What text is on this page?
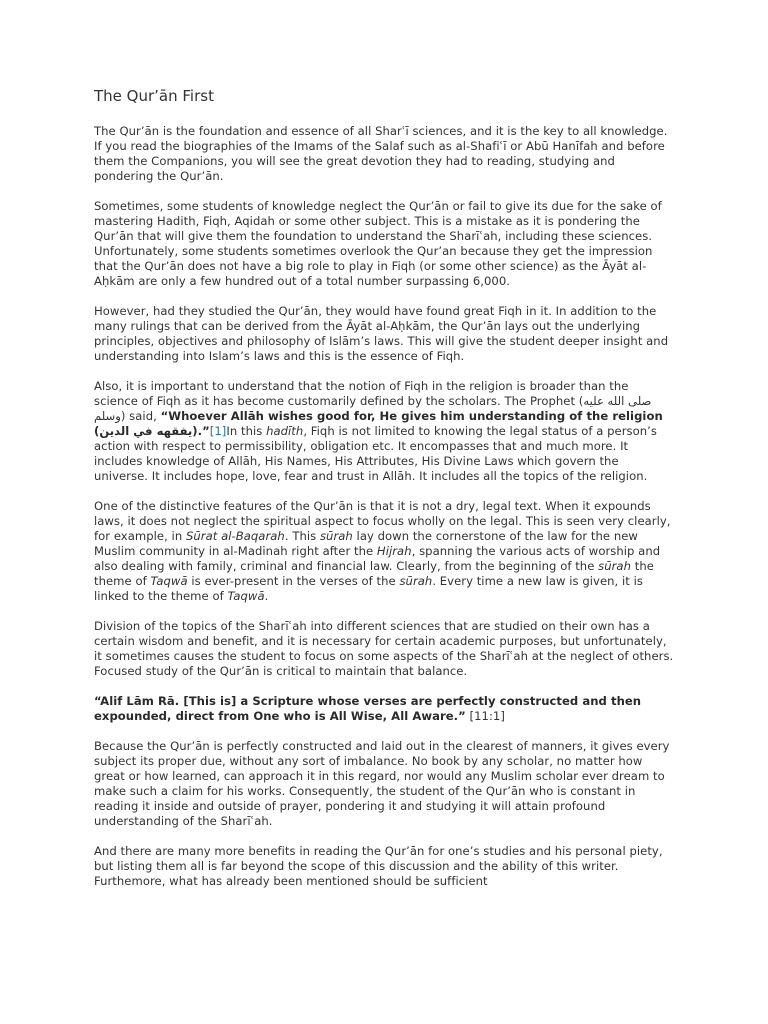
The Qur’ān First

The Qur’ān is the foundation and essence of all Sharʿī sciences, and it is the key to all knowledge. If you read the biographies of the Imams of the Salaf such as al-Shafiʿī or Abū Hanīfah and before them the Companions, you will see the great devotion they had to reading, studying and pondering the Qur’ān.

Sometimes, some students of knowledge neglect the Qur’ān or fail to give its due for the sake of mastering Hadith, Fiqh, Aqidah or some other subject. This is a mistake as it is pondering the Qur’ān that will give them the foundation to understand the Sharīʿah, including these sciences. Unfortunately, some students sometimes overlook the Qur’an because they get the impression that the Qur’ān does not have a big role to play in Fiqh (or some other science) as the Āyāt al-Aḥkām are only a few hundred out of a total number surpassing 6,000.

However, had they studied the Qur’ān, they would have found great Fiqh in it. In addition to the many rulings that can be derived from the Āyāt al-Aḥkām, the Qur’ān lays out the underlying principles, objectives and philosophy of Islām’s laws. This will give the student deeper insight and understanding into Islam’s laws and this is the essence of Fiqh.

Also, it is important to understand that the notion of Fiqh in the religion is broader than the science of Fiqh as it has become customarily defined by the scholars. The Prophet (صلى الله عليه وسلم) said, “Whoever Allāh wishes good for, He gives him understanding of the religion (يفقهه في الدين).”[1]In this hadīth, Fiqh is not limited to knowing the legal status of a person’s action with respect to permissibility, obligation etc. It encompasses that and much more. It includes knowledge of Allāh, His Names, His Attributes, His Divine Laws which govern the universe. It includes hope, love, fear and trust in Allāh. It includes all the topics of the religion.

One of the distinctive features of the Qur’ān is that it is not a dry, legal text. When it expounds laws, it does not neglect the spiritual aspect to focus wholly on the legal. This is seen very clearly, for example, in Sūrat al-Baqarah. This sūrah lay down the cornerstone of the law for the new Muslim community in al-Madinah right after the Hijrah, spanning the various acts of worship and also dealing with family, criminal and financial law. Clearly, from the beginning of the sūrah the theme of Taqwā is ever-present in the verses of the sūrah. Every time a new law is given, it is linked to the theme of Taqwā.

Division of the topics of the Sharīʿah into different sciences that are studied on their own has a certain wisdom and benefit, and it is necessary for certain academic purposes, but unfortunately, it sometimes causes the student to focus on some aspects of the Sharīʿah at the neglect of others. Focused study of the Qur’ān is critical to maintain that balance.

“Alif Lām Rā. [This is] a Scripture whose verses are perfectly constructed and then expounded, direct from One who is All Wise, All Aware.” [11:1]

Because the Qur’ān is perfectly constructed and laid out in the clearest of manners, it gives every subject its proper due, without any sort of imbalance. No book by any scholar, no matter how great or how learned, can approach it in this regard, nor would any Muslim scholar ever dream to make such a claim for his works. Consequently, the student of the Qur’ān who is constant in reading it inside and outside of prayer, pondering it and studying it will attain profound understanding of the Sharīʿah.

And there are many more benefits in reading the Qur’ān for one’s studies and his personal piety, but listing them all is far beyond the scope of this discussion and the ability of this writer. Furthemore, what has already been mentioned should be sufficient
